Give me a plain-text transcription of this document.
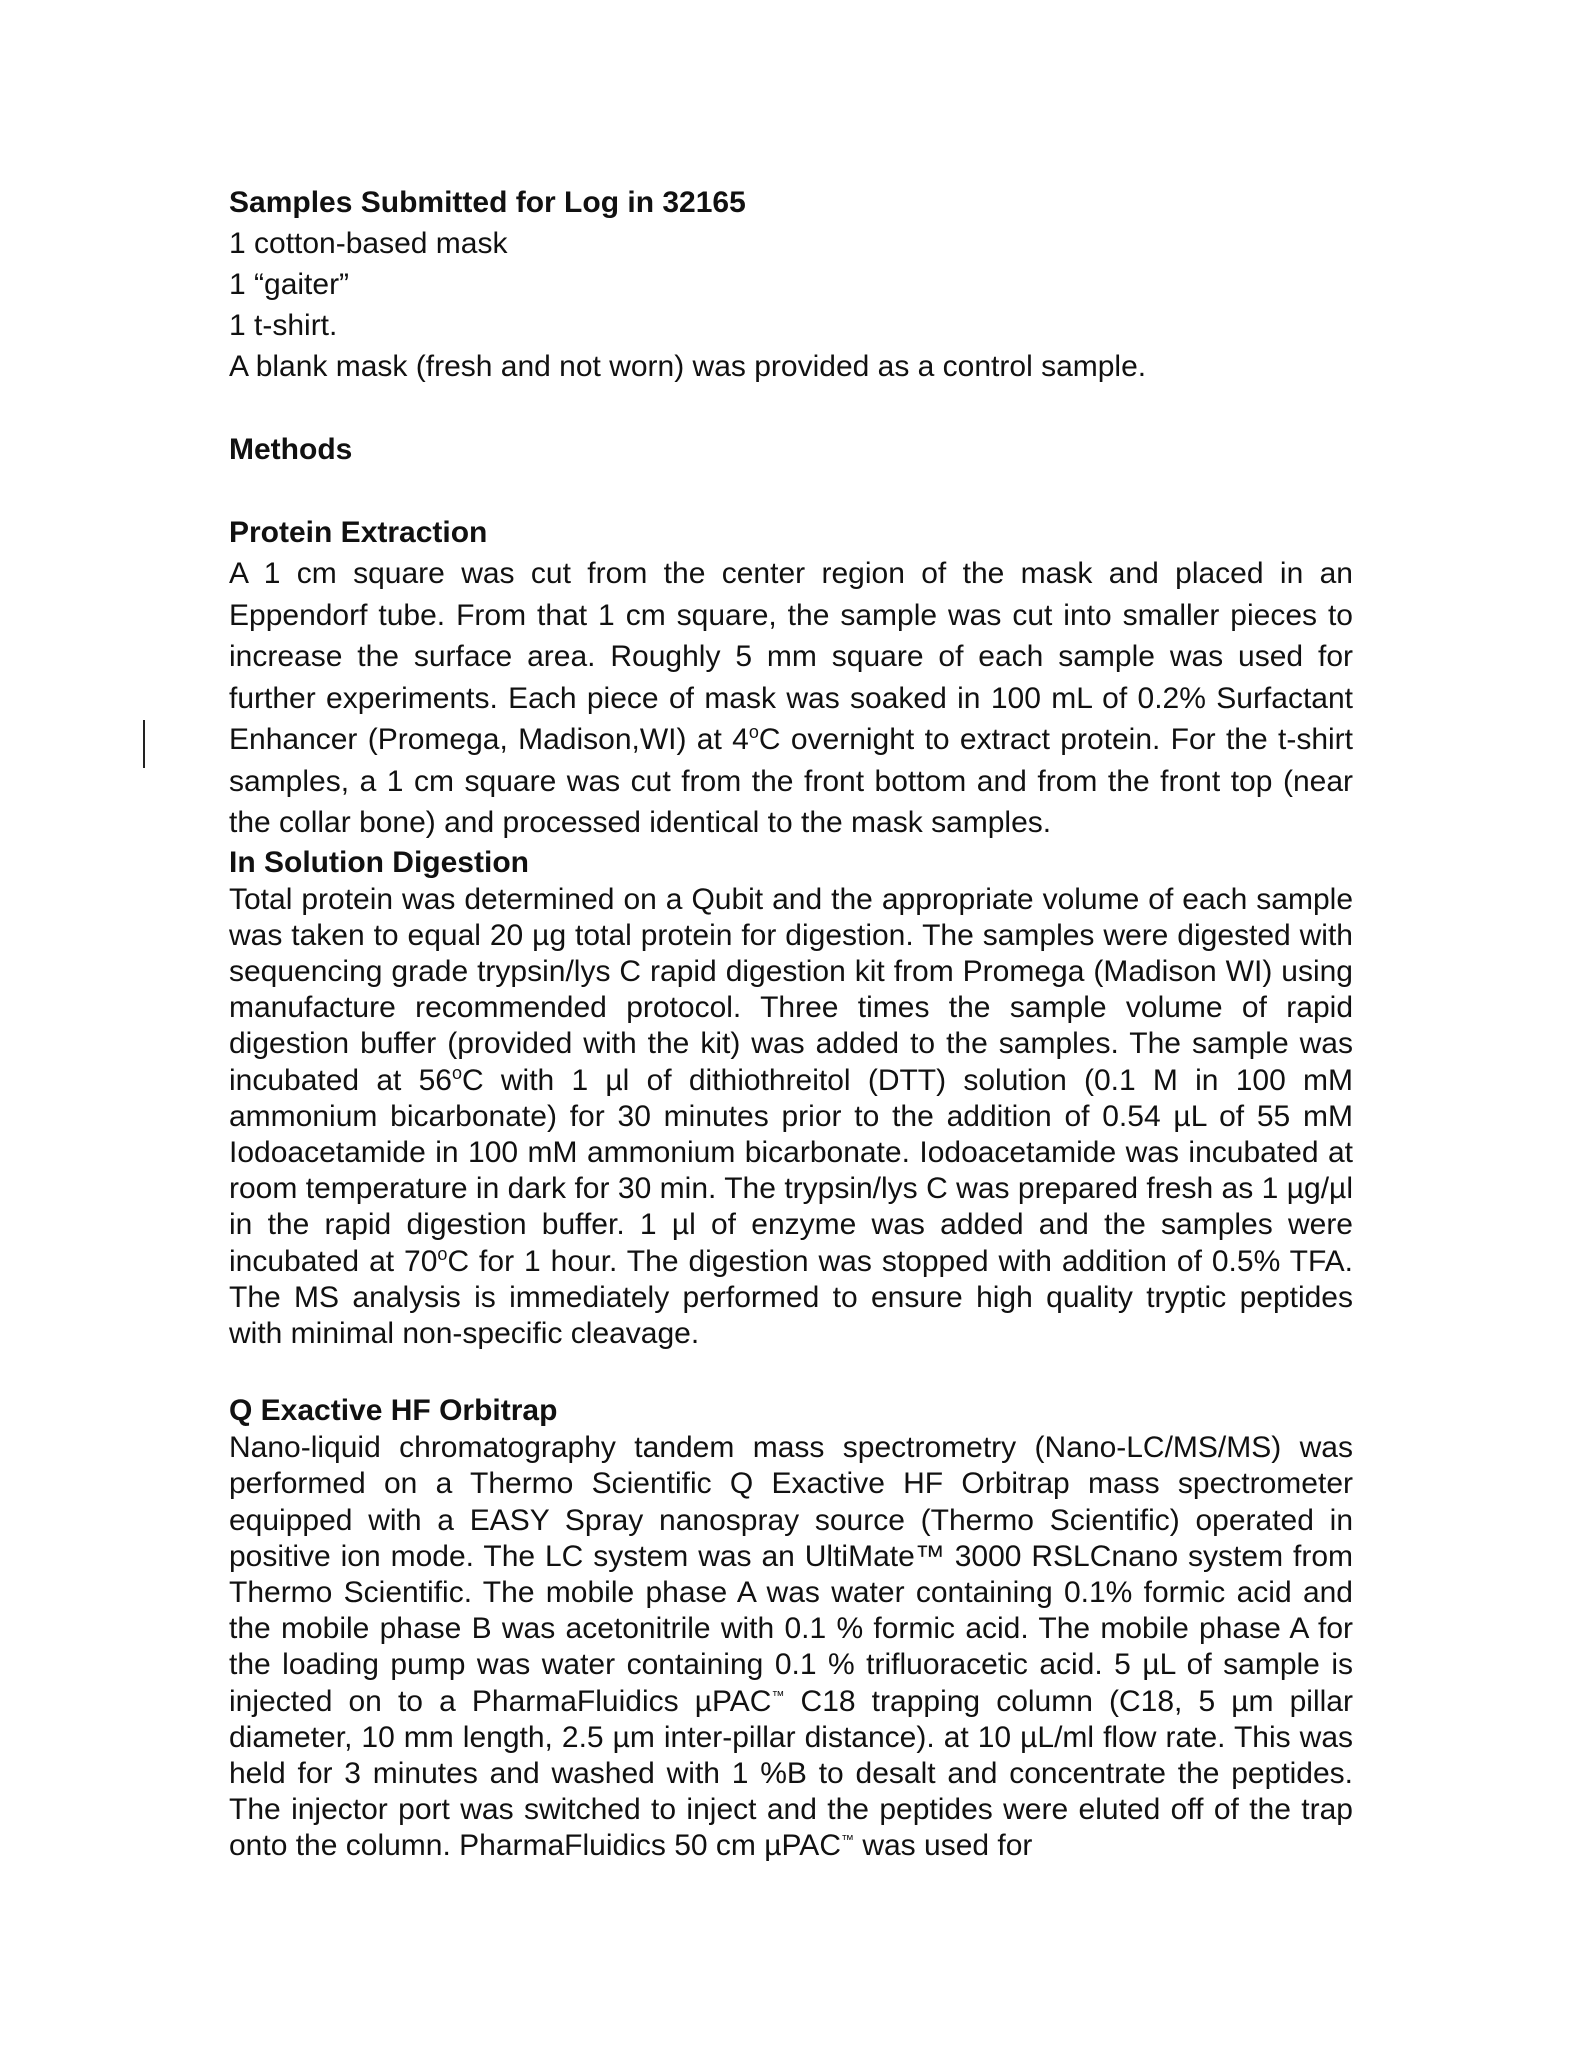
Samples Submitted for Log in 32165

1 cotton-based mask

1 “gaiter”

1 t-shirt.

A blank mask (fresh and not worn) was provided as a control sample.

Methods

Protein Extraction

A 1 cm square was cut from the center region of the mask and placed in an Eppendorf tube. From that 1 cm square, the sample was cut into smaller pieces to increase the surface area. Roughly 5 mm square of each sample was used for further experiments. Each piece of mask was soaked in 100 mL of 0.2% Surfactant Enhancer (Promega, Madison,WI) at 4$^o$C overnight to extract protein. For the t-shirt samples, a 1 cm square was cut from the front bottom and from the front top (near the collar bone) and processed identical to the mask samples.

In Solution Digestion

Total protein was determined on a Qubit and the appropriate volume of each sample was taken to equal 20 µg total protein for digestion. The samples were digested with sequencing grade trypsin/lys C rapid digestion kit from Promega (Madison WI) using manufacture recommended protocol. Three times the sample volume of rapid digestion buffer (provided with the kit) was added to the samples. The sample was incubated at 56$^o$C with 1 µl of dithiothreitol (DTT) solution (0.1 M in 100 mM ammonium bicarbonate) for 30 minutes prior to the addition of 0.54 µL of 55 mM Iodoacetamide in 100 mM ammonium bicarbonate. Iodoacetamide was incubated at room temperature in dark for 30 min. The trypsin/lys C was prepared fresh as 1 µg/µl in the rapid digestion buffer. 1 µl of enzyme was added and the samples were incubated at 70$^o$C for 1 hour. The digestion was stopped with addition of 0.5% TFA. The MS analysis is immediately performed to ensure high quality tryptic peptides with minimal non-specific cleavage.

Q Exactive HF Orbitrap

Nano-liquid chromatography tandem mass spectrometry (Nano-LC/MS/MS) was performed on a Thermo Scientific Q Exactive HF Orbitrap mass spectrometer equipped with a EASY Spray nanospray source (Thermo Scientific) operated in positive ion mode. The LC system was an UltiMate™ 3000 RSLCnano system from Thermo Scientific. The mobile phase A was water containing 0.1% formic acid and the mobile phase B was acetonitrile with 0.1 % formic acid. The mobile phase A for the loading pump was water containing 0.1 % trifluoracetic acid. 5 µL of sample is injected on to a PharmaFluidics µPAC™ C18 trapping column (C18, 5 µm pillar diameter, 10 mm length, 2.5 µm inter-pillar distance). at 10 µL/ml flow rate. This was held for 3 minutes and washed with 1 %B to desalt and concentrate the peptides. The injector port was switched to inject and the peptides were eluted off of the trap onto the column. PharmaFluidics 50 cm µPAC™ was used for
